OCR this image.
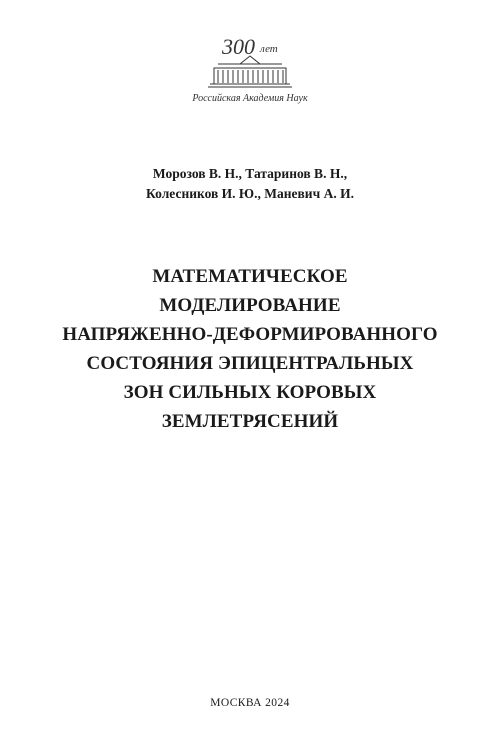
300 лет
Российская Академия Наук
Морозов В. Н., Татаринов В. Н.,
Колесников И. Ю., Маневич А. И.
МАТЕМАТИЧЕСКОЕ
МОДЕЛИРОВАНИЕ
НАПРЯЖЕННО-ДЕФОРМИРОВАННОГО
СОСТОЯНИЯ ЭПИЦЕНТРАЛЬНЫХ
ЗОН СИЛЬНЫХ КОРОВЫХ
ЗЕМЛЕТРЯСЕНИЙ
МОСКВА 2024
